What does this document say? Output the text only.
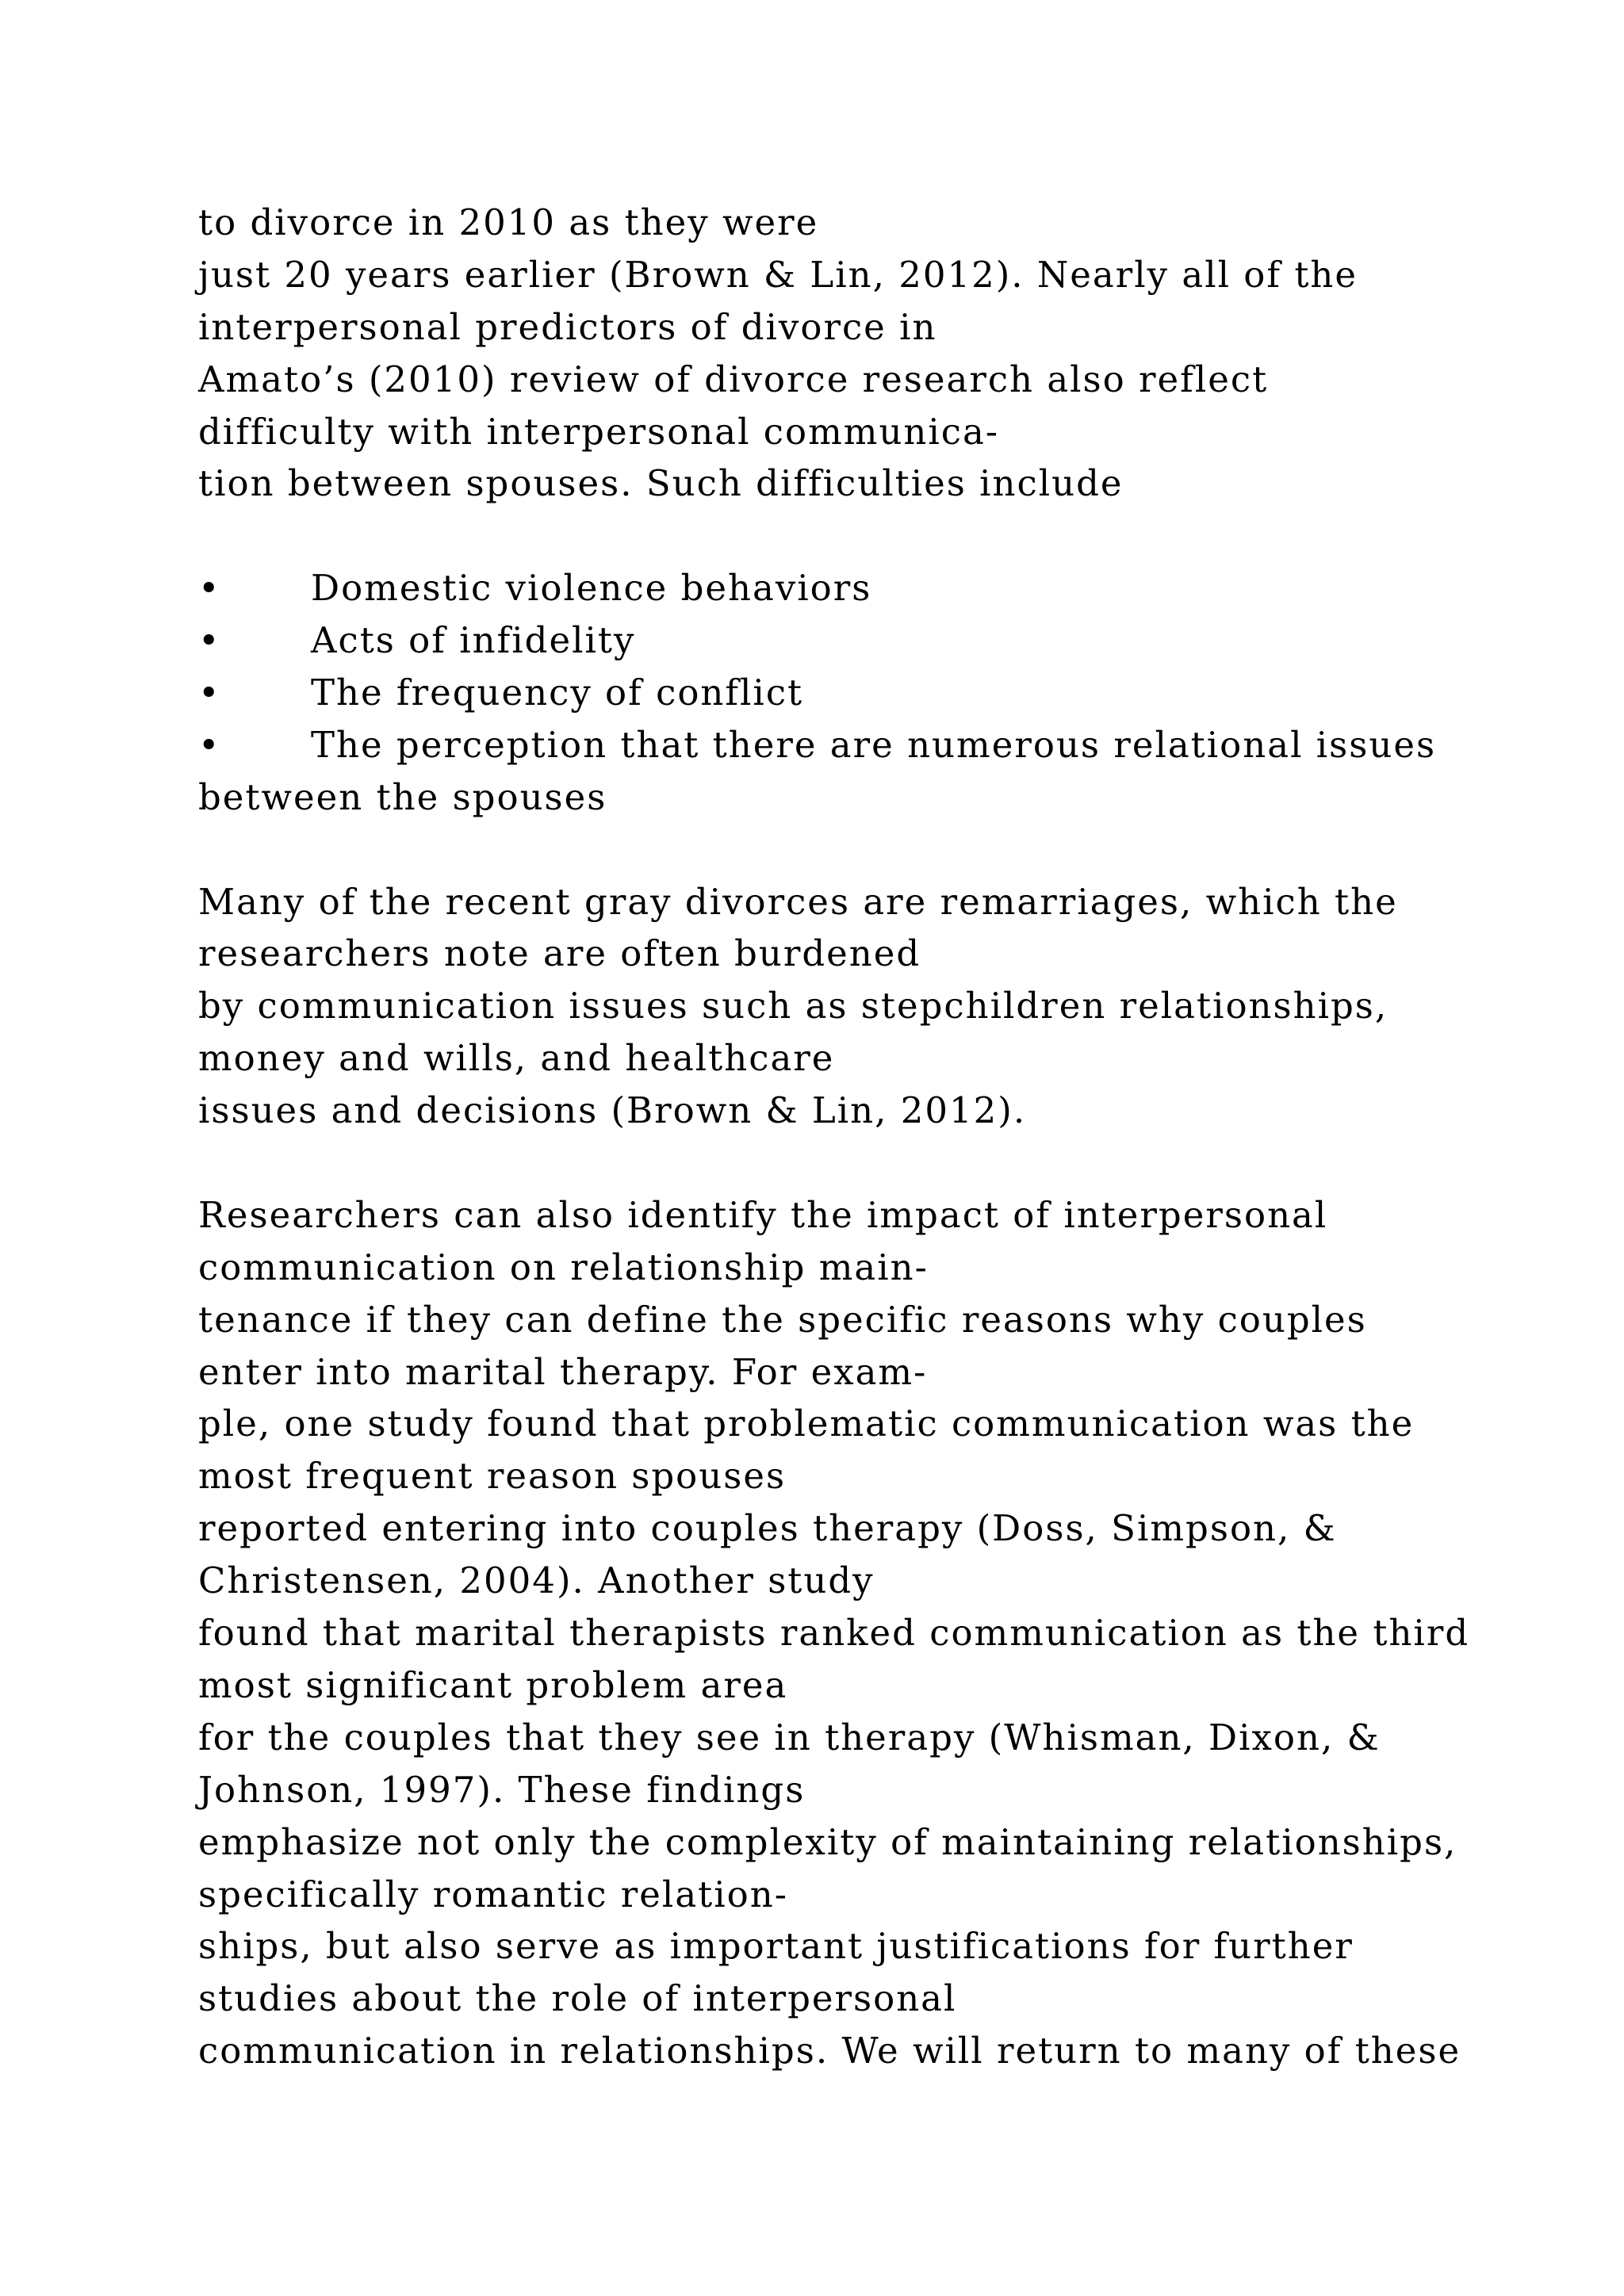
to divorce in 2010 as they were
just 20 years earlier (Brown & Lin, 2012). Nearly all of the
interpersonal predictors of divorce in
Amato’s (2010) review of divorce research also reflect
difficulty with interpersonal communica-
tion between spouses. Such difficulties include

•

	Domestic violence behaviors

•

	Acts of infidelity

•

	The frequency of conflict

•

	The perception that there are numerous relational issues

between the spouses
Many of the recent gray divorces are remarriages, which the
researchers note are often burdened
by communication issues such as stepchildren relationships,
money and wills, and healthcare
issues and decisions (Brown & Lin, 2012).
Researchers can also identify the impact of interpersonal
communication on relationship main-
tenance if they can define the specific reasons why couples
enter into marital therapy. For exam-
ple, one study found that problematic communication was the
most frequent reason spouses
reported entering into couples therapy (Doss, Simpson, &
Christensen, 2004). Another study
found that marital therapists ranked communication as the third
most significant problem area
for the couples that they see in therapy (Whisman, Dixon, &
Johnson, 1997). These findings
emphasize not only the complexity of maintaining relationships,
specifically romantic relation-
ships, but also serve as important justifications for further
studies about the role of interpersonal
communication in relationships. We will return to many of these
